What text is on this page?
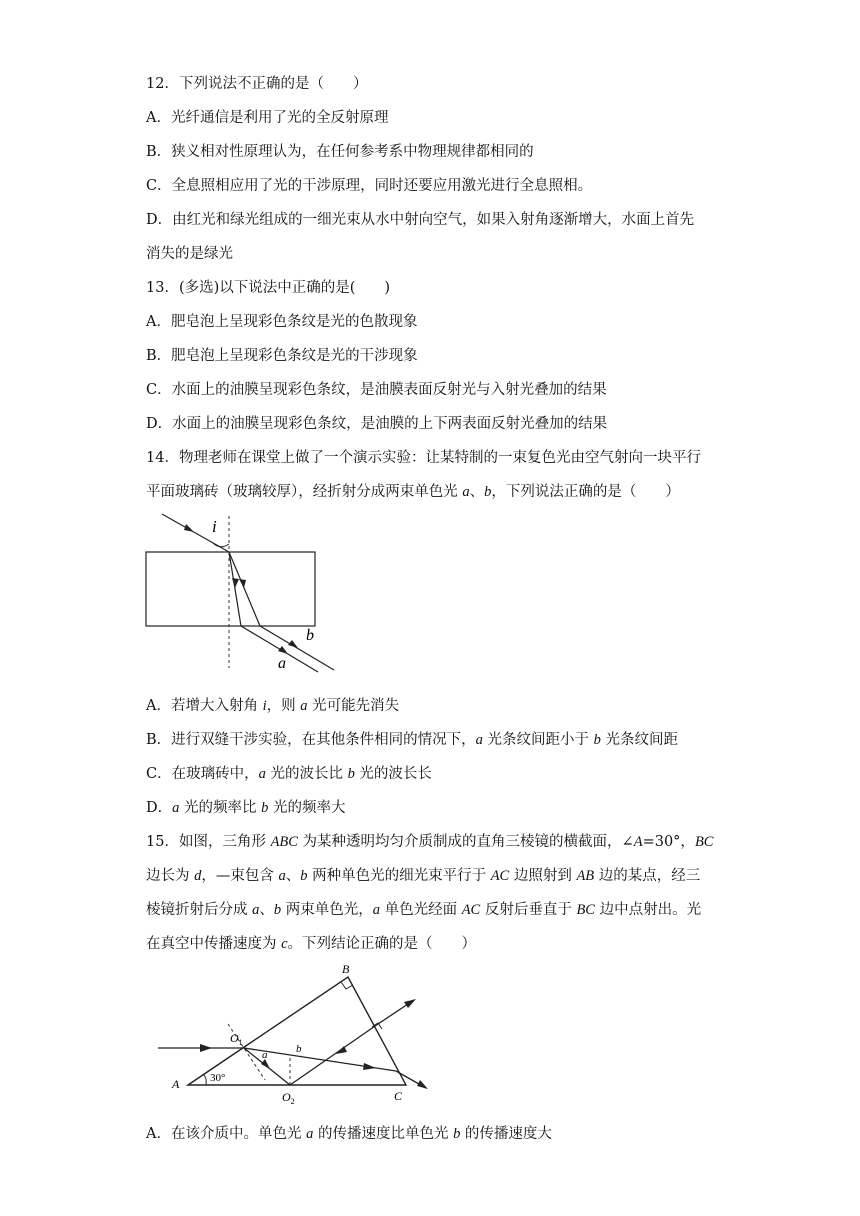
12．下列说法不正确的是（　　）
A．光纤通信是利用了光的全反射原理
B．狭义相对性原理认为，在任何参考系中物理规律都相同的
C．全息照相应用了光的干涉原理，同时还要应用激光进行全息照相。
D．由红光和绿光组成的一细光束从水中射向空气，如果入射角逐渐增大，水面上首先
消失的是绿光
13．(多选)以下说法中正确的是(　　)
A．肥皂泡上呈现彩色条纹是光的色散现象
B．肥皂泡上呈现彩色条纹是光的干涉现象
C．水面上的油膜呈现彩色条纹，是油膜表面反射光与入射光叠加的结果
D．水面上的油膜呈现彩色条纹，是油膜的上下两表面反射光叠加的结果
14．物理老师在课堂上做了一个演示实验：让某特制的一束复色光由空气射向一块平行
平面玻璃砖（玻璃较厚），经折射分成两束单色光 a、b，下列说法正确的是（　　）
i
b
a
A．若增大入射角 i，则 a 光可能先消失
B．进行双缝干涉实验，在其他条件相同的情况下，a 光条纹间距小于 b 光条纹间距
C．在玻璃砖中，a 光的波长比 b 光的波长长
D．a 光的频率比 b 光的频率大
15．如图，三角形 ABC 为某种透明均匀介质制成的直角三棱镜的横截面，∠A=30°，BC
边长为 d，—束包含 a、b 两种单色光的细光束平行于 AC 边照射到 AB 边的某点，经三
棱镜折射后分成 a、b 两束单色光，a 单色光经面 AC 反射后垂直于 BC 边中点射出。光
在真空中传播速度为 c。下列结论正确的是（　　）
A
B
C
$O_1$
$O_2$
a	b
30°
A．在该介质中。单色光 a 的传播速度比单色光 b 的传播速度大
